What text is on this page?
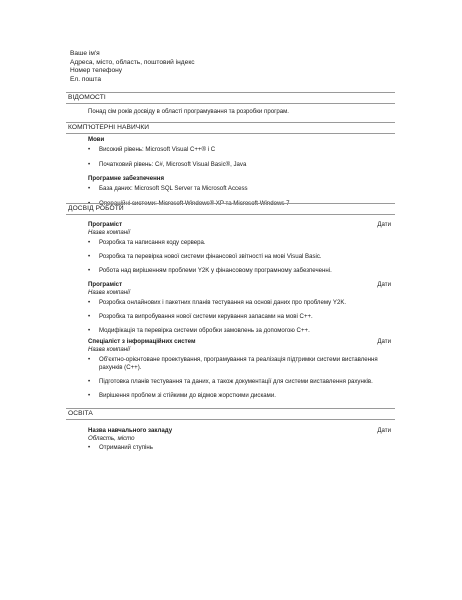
Ваше ім'я
Адреса, місто, область, поштовий індекс
Номер телефону
Ел. пошта
ВІДОМОСТІ
Понад сім років досвіду в області програмування та розробки програм.
КОМП'ЮТЕРНІ НАВИЧКИ
Мови
• Високий рівень: Microsoft Visual C++® і C
• Початковий рівень: C#, Microsoft Visual Basic®, Java
Програмне забезпечення
• База даних: Microsoft SQL Server та Microsoft Access
• Операційні системи: Microsoft Windows® XP та Microsoft Windows 7
ДОСВІД РОБОТИ
Програміст	Дати
Назва компанії
• Розробка та написання коду сервера.
• Розробка та перевірка нової системи фінансової звітності на мові Visual Basic.
• Робота над вирішенням проблеми Y2K у фінансовому програмному забезпеченні.
Програміст	Дати
Назва компанії
• Розробка онлайнових і пакетних планів тестування на основі даних про проблему Y2K.
• Розробка та випробування нової системи керування запасами на мові C++.
• Модифікація та перевірка системи обробки замовлень за допомогою C++.
Спеціаліст з інформаційних систем	Дати
Назва компанії
• Об'єктно-орієнтоване проектування, програмування та реалізація підтримки системи виставлення рахунків (C++).
• Підготовка планів тестування та даних, а також документації для системи виставлення рахунків.
• Вирішення проблем зі стійкими до відмов жорсткими дисками.
ОСВІТА
Назва навчального закладу	Дати
Область, місто
• Отриманий ступінь
